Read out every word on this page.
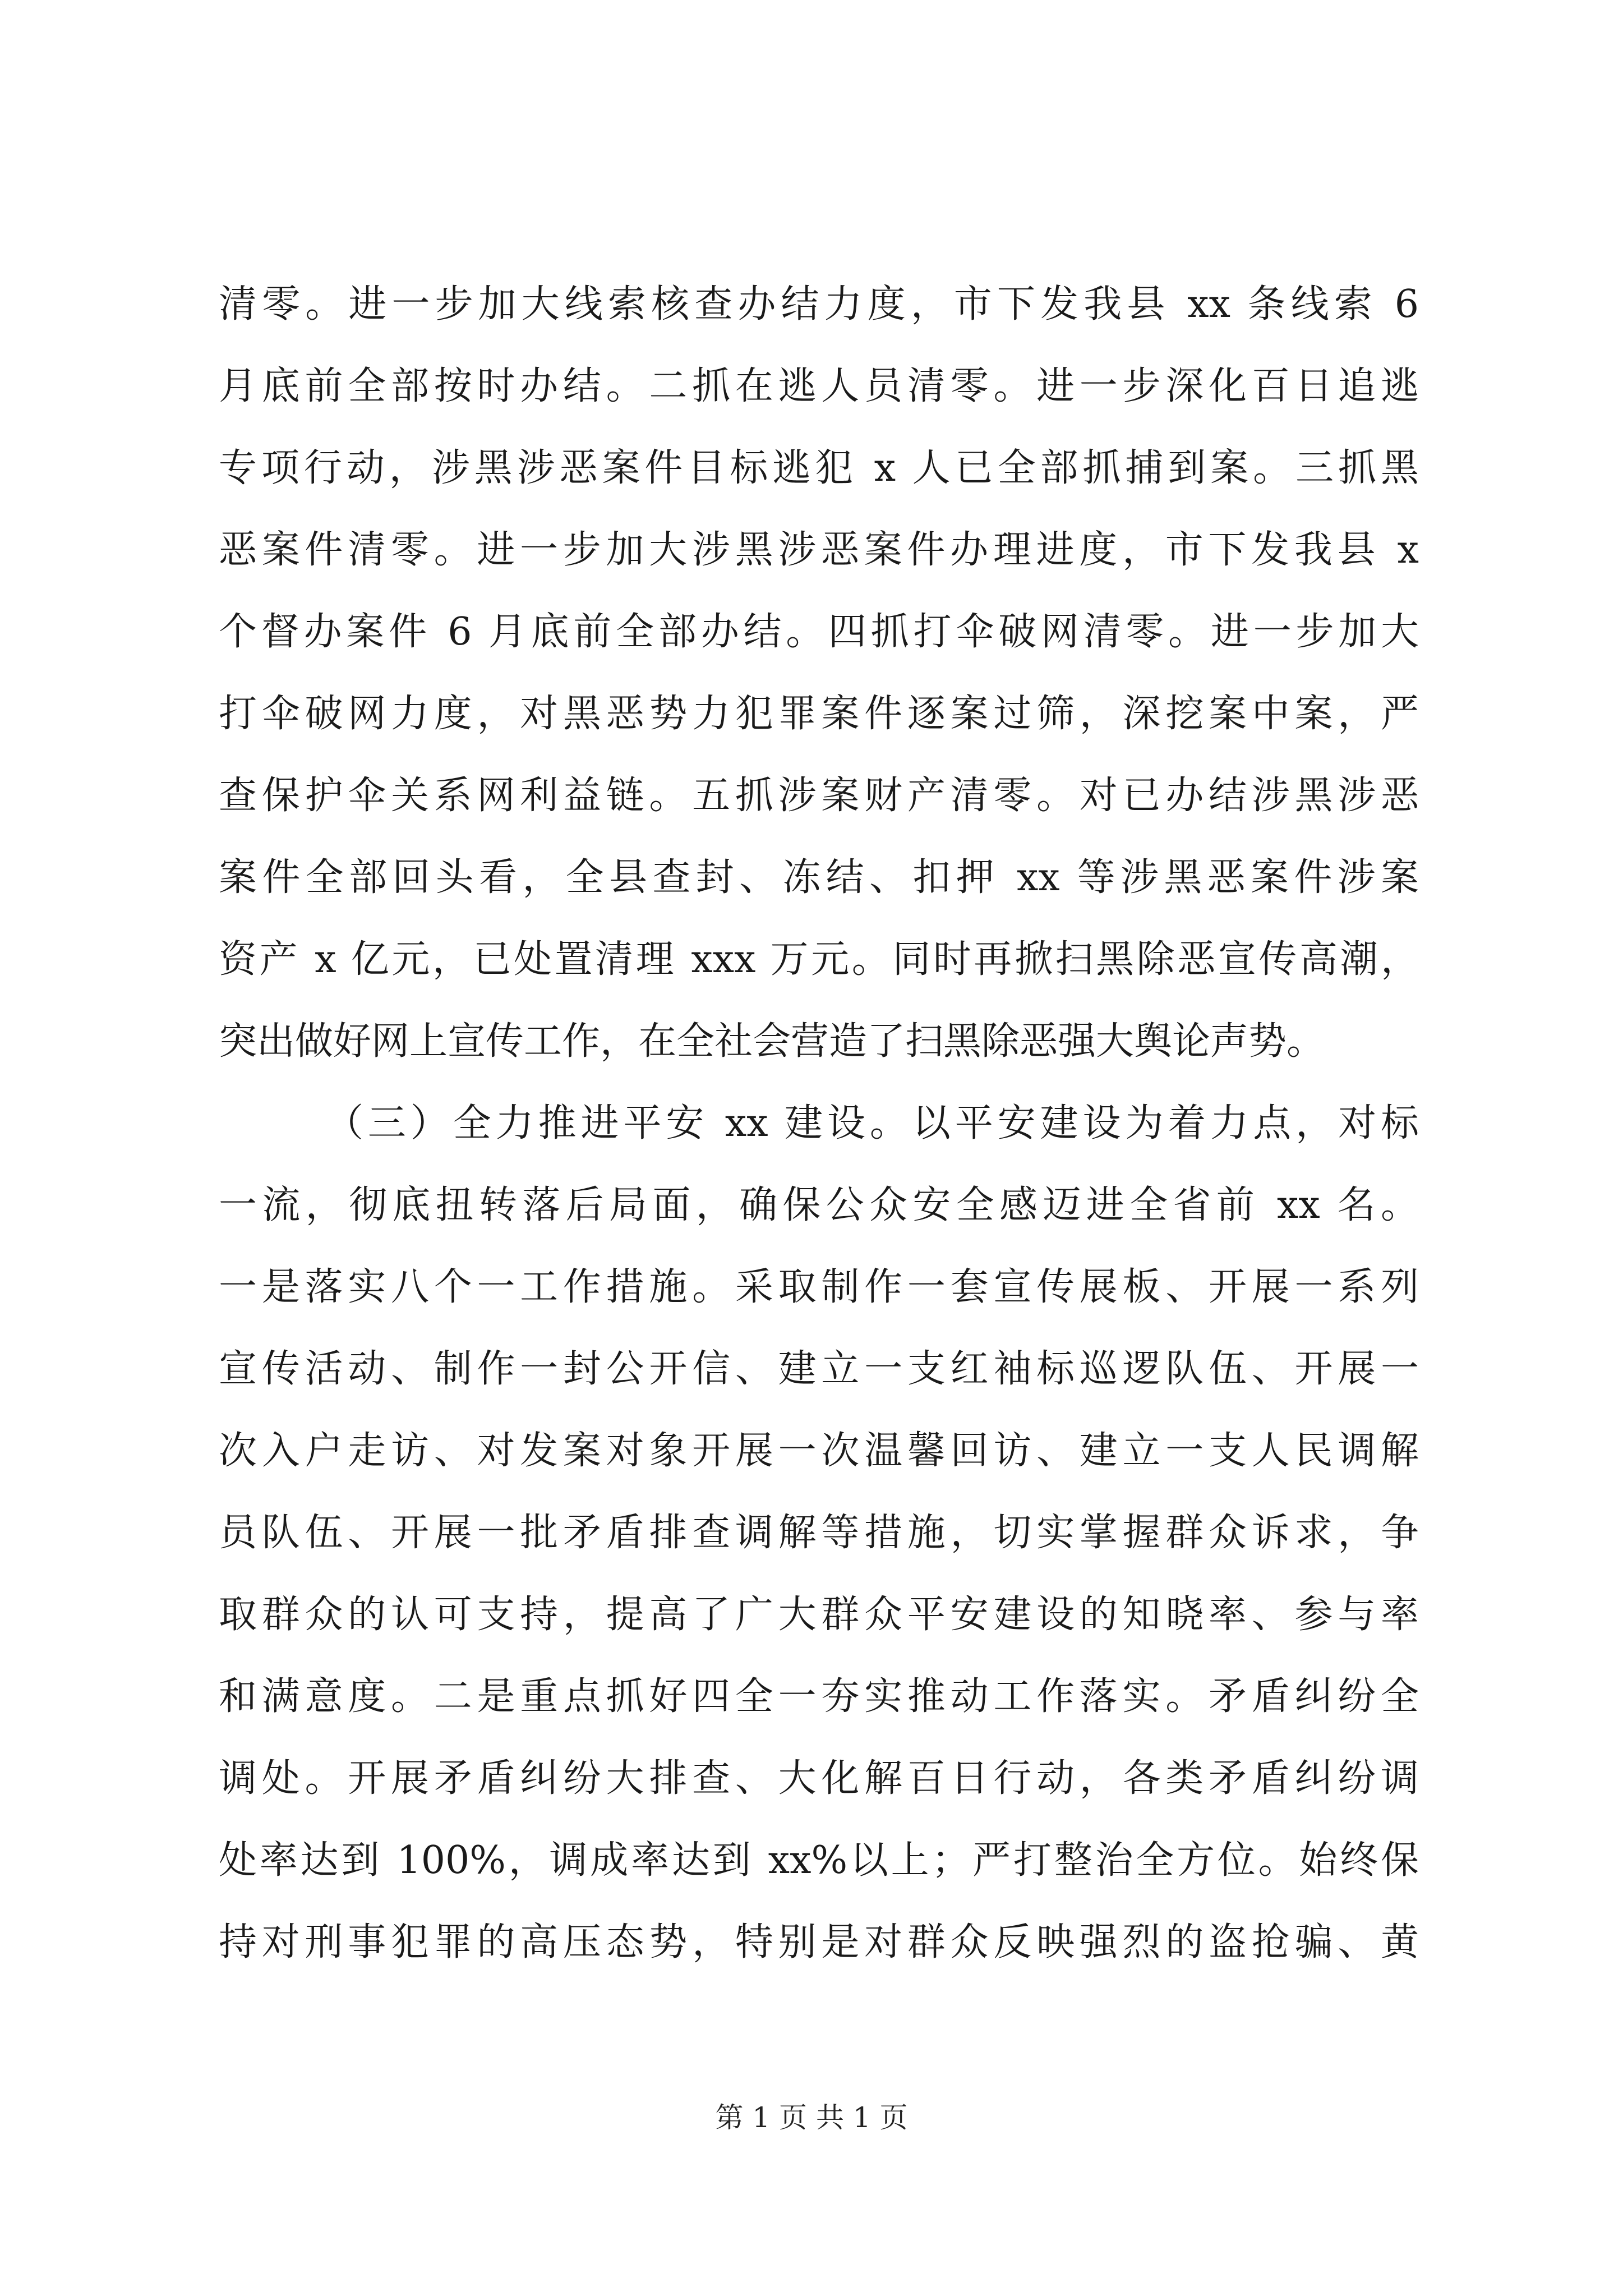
清零。进一步加大线索核查办结力度，市下发我县 xx 条线索 6
月底前全部按时办结。二抓在逃人员清零。进一步深化百日追逃
专项行动，涉黑涉恶案件目标逃犯 x 人已全部抓捕到案。三抓黑
恶案件清零。进一步加大涉黑涉恶案件办理进度，市下发我县 x
个督办案件 6 月底前全部办结。四抓打伞破网清零。进一步加大
打伞破网力度，对黑恶势力犯罪案件逐案过筛，深挖案中案，严
查保护伞关系网利益链。五抓涉案财产清零。对已办结涉黑涉恶
案件全部回头看，全县查封、冻结、扣押 xx 等涉黑恶案件涉案
资产 x 亿元，已处置清理 xxx 万元。同时再掀扫黑除恶宣传高潮，
突出做好网上宣传工作，在全社会营造了扫黑除恶强大舆论声势。
（三）全力推进平安 xx 建设。以平安建设为着力点，对标
一流，彻底扭转落后局面，确保公众安全感迈进全省前 xx 名。
一是落实八个一工作措施。采取制作一套宣传展板、开展一系列
宣传活动、制作一封公开信、建立一支红袖标巡逻队伍、开展一
次入户走访、对发案对象开展一次温馨回访、建立一支人民调解
员队伍、开展一批矛盾排查调解等措施，切实掌握群众诉求，争
取群众的认可支持，提高了广大群众平安建设的知晓率、参与率
和满意度。二是重点抓好四全一夯实推动工作落实。矛盾纠纷全
调处。开展矛盾纠纷大排查、大化解百日行动，各类矛盾纠纷调
处率达到 100%，调成率达到 xx%以上；严打整治全方位。始终保
持对刑事犯罪的高压态势，特别是对群众反映强烈的盗抢骗、黄
第 1 页 共 1 页
